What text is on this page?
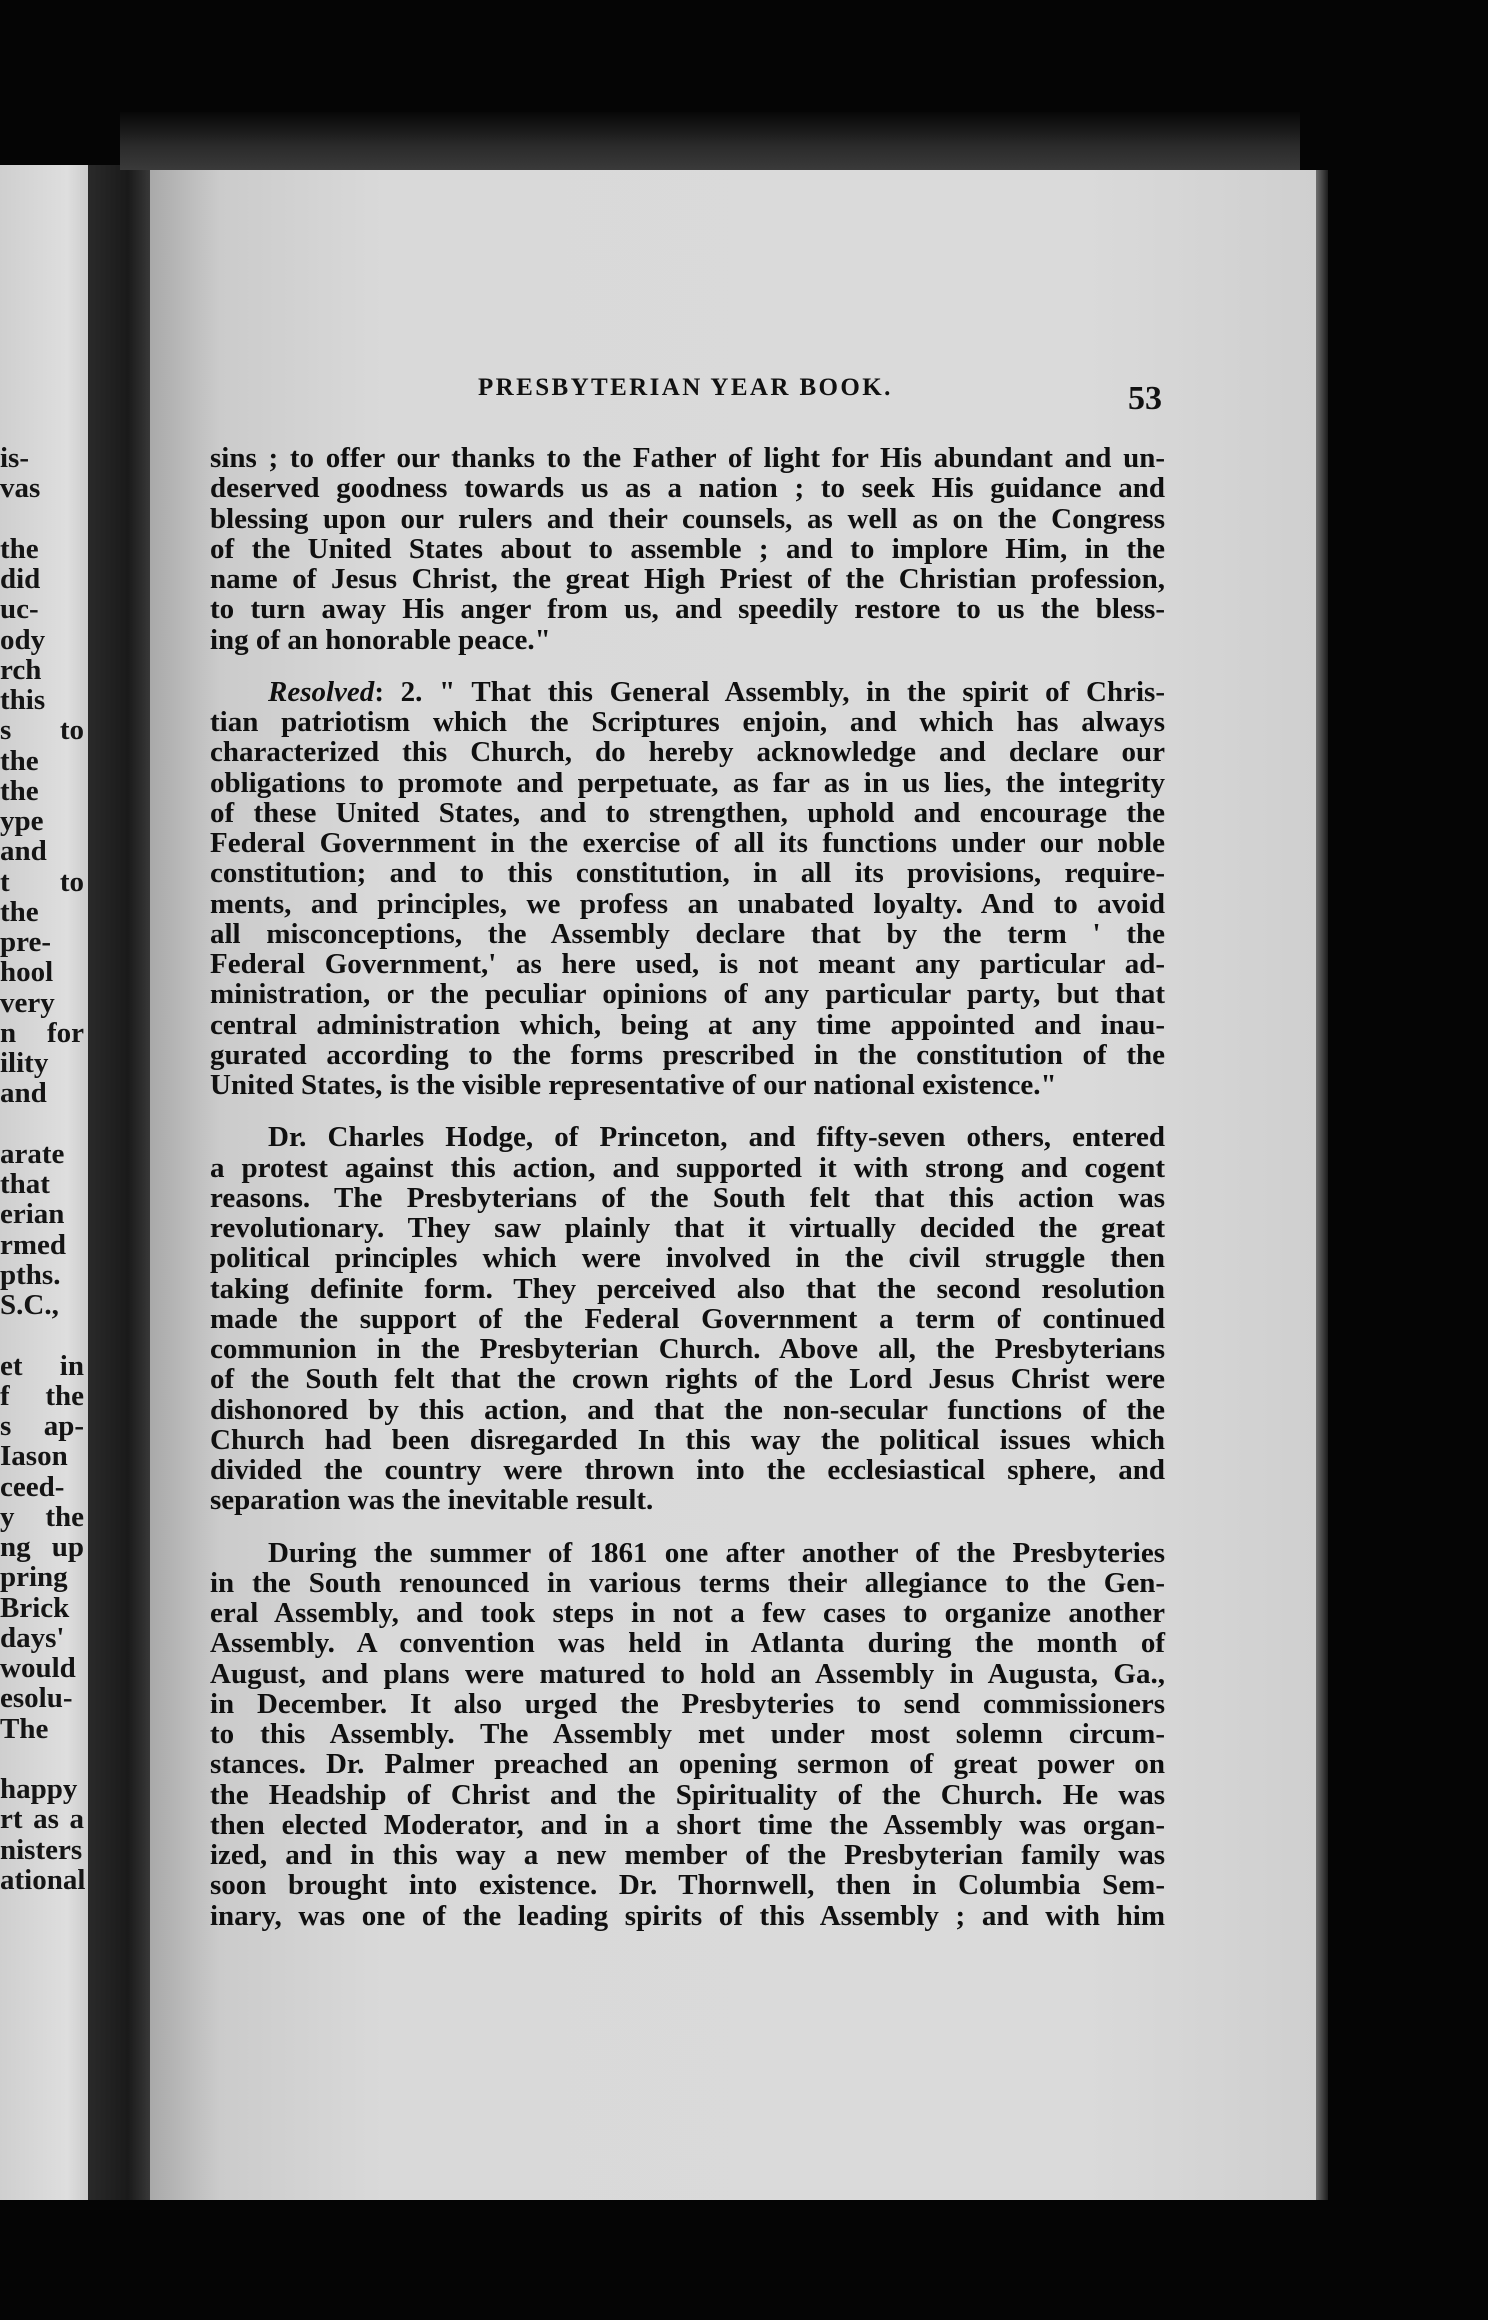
is-
vas
the
did
uc-
ody
rch
this
s to
the
the
ype
and
t to
the
pre-
hool
very
n for
ility
and
arate
that
erian
rmed
pths.
S.C.,
et in
f the
s ap-
Iason
ceed-
y the
ng up
pring
Brick
days'
would
esolu-
The
happy
rt as a
nisters
ational
PRESBYTERIAN YEAR BOOK.	53
sins ; to offer our thanks to the Father of light for His abundant and un-
deserved goodness towards us as a nation ; to seek His guidance and
blessing upon our rulers and their counsels, as well as on the Congress
of the United States about to assemble ; and to implore Him, in the
name of Jesus Christ, the great High Priest of the Christian profession,
to turn away His anger from us, and speedily restore to us the bless-
ing of an honorable peace."
Resolved: 2. " That this General Assembly, in the spirit of Chris-
tian patriotism which the Scriptures enjoin, and which has always
characterized this Church, do hereby acknowledge and declare our
obligations to promote and perpetuate, as far as in us lies, the integrity
of these United States, and to strengthen, uphold and encourage the
Federal Government in the exercise of all its functions under our noble
constitution; and to this constitution, in all its provisions, require-
ments, and principles, we profess an unabated loyalty. And to avoid
all misconceptions, the Assembly declare that by the term ' the
Federal Government,' as here used, is not meant any particular ad-
ministration, or the peculiar opinions of any particular party, but that
central administration which, being at any time appointed and inau-
gurated according to the forms prescribed in the constitution of the
United States, is the visible representative of our national existence."
Dr. Charles Hodge, of Princeton, and fifty-seven others, entered
a protest against this action, and supported it with strong and cogent
reasons. The Presbyterians of the South felt that this action was
revolutionary. They saw plainly that it virtually decided the great
political principles which were involved in the civil struggle then
taking definite form. They perceived also that the second resolution
made the support of the Federal Government a term of continued
communion in the Presbyterian Church. Above all, the Presbyterians
of the South felt that the crown rights of the Lord Jesus Christ were
dishonored by this action, and that the non-secular functions of the
Church had been disregarded In this way the political issues which
divided the country were thrown into the ecclesiastical sphere, and
separation was the inevitable result.
During the summer of 1861 one after another of the Presbyteries
in the South renounced in various terms their allegiance to the Gen-
eral Assembly, and took steps in not a few cases to organize another
Assembly. A convention was held in Atlanta during the month of
August, and plans were matured to hold an Assembly in Augusta, Ga.,
in December. It also urged the Presbyteries to send commissioners
to this Assembly. The Assembly met under most solemn circum-
stances. Dr. Palmer preached an opening sermon of great power on
the Headship of Christ and the Spirituality of the Church. He was
then elected Moderator, and in a short time the Assembly was organ-
ized, and in this way a new member of the Presbyterian family was
soon brought into existence. Dr. Thornwell, then in Columbia Sem-
inary, was one of the leading spirits of this Assembly ; and with him
